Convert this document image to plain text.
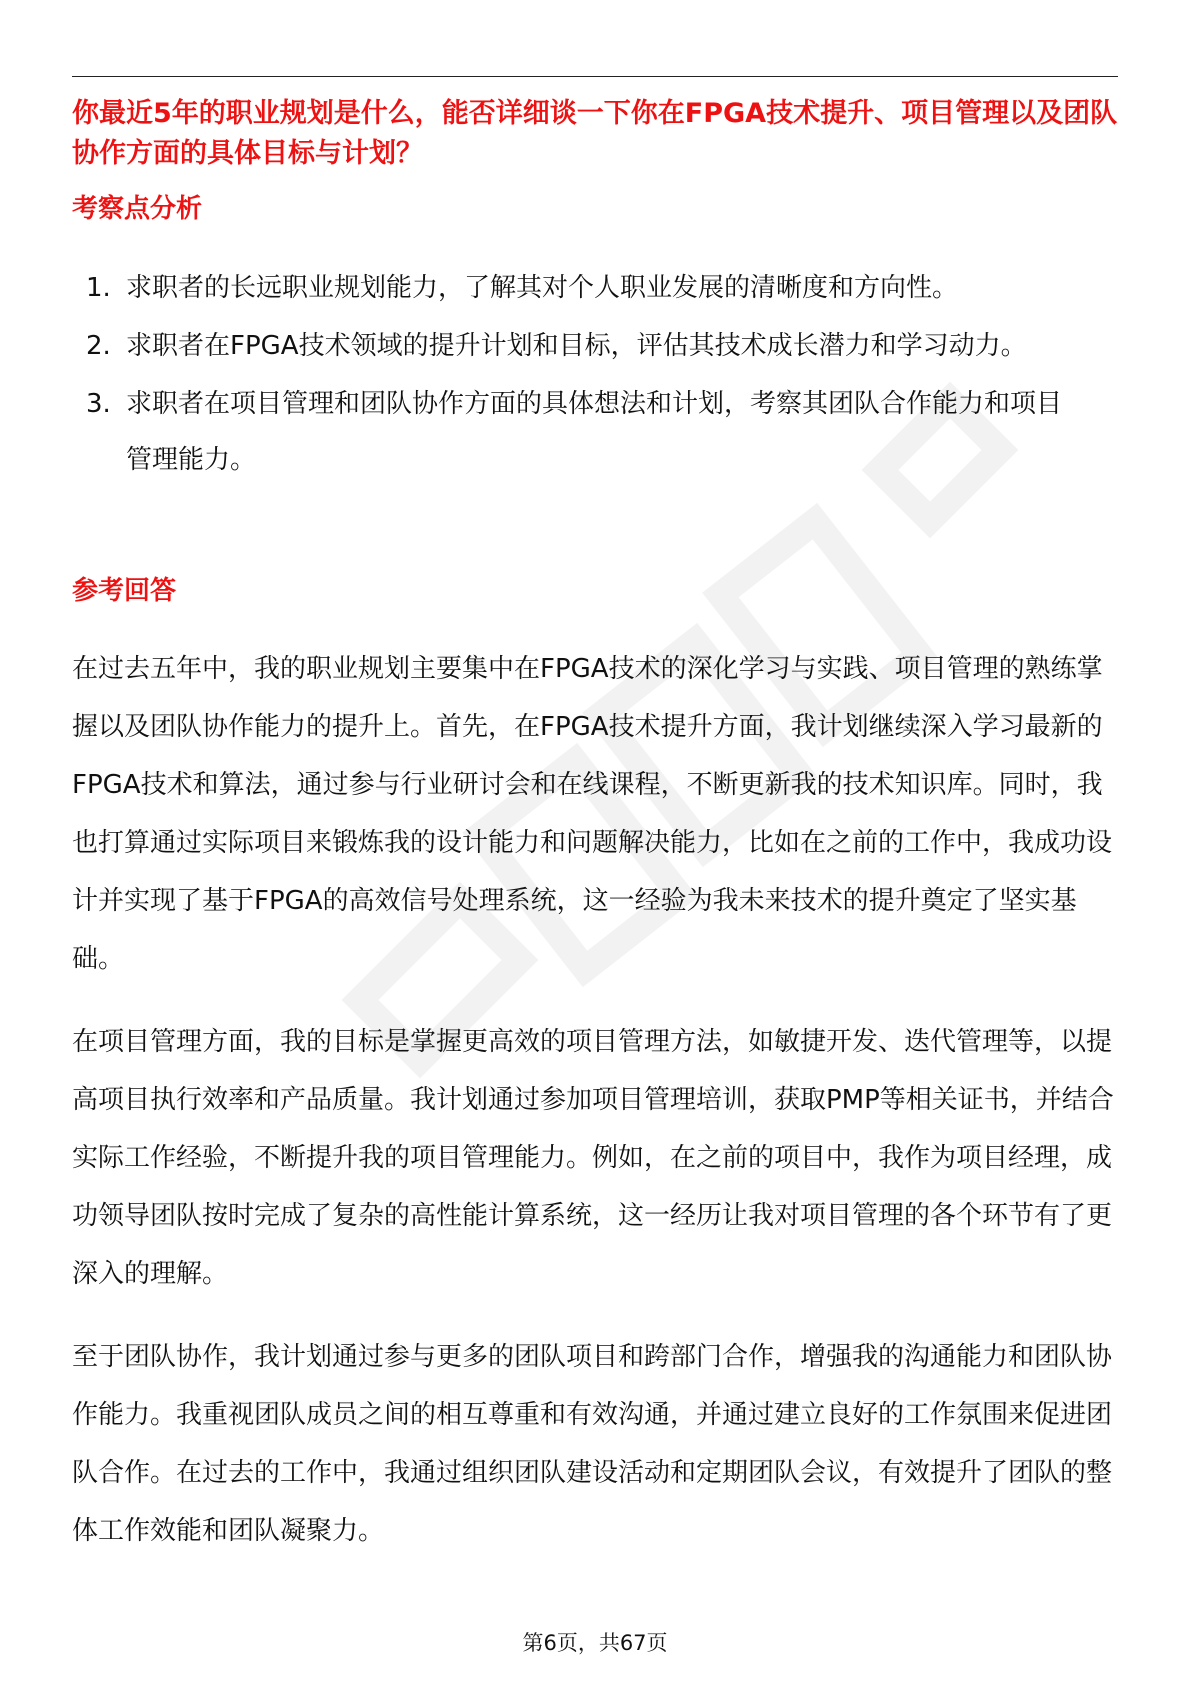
你最近5年的职业规划是什么，能否详细谈一下你在FPGA技术提升、项目管理以及团队协作方面的具体目标与计划？

考察点分析
1. 求职者的长远职业规划能力，了解其对个人职业发展的清晰度和方向性。
2. 求职者在FPGA技术领域的提升计划和目标，评估其技术成长潜力和学习动力。
3. 求职者在项目管理和团队协作方面的具体想法和计划，考察其团队合作能力和项目管理能力。
参考回答

在过去五年中，我的职业规划主要集中在FPGA技术的深化学习与实践、项目管理的熟练掌握以及团队协作能力的提升上。首先，在FPGA技术提升方面，我计划继续深入学习最新的FPGA技术和算法，通过参与行业研讨会和在线课程，不断更新我的技术知识库。同时，我也打算通过实际项目来锻炼我的设计能力和问题解决能力，比如在之前的工作中，我成功设计并实现了基于FPGA的高效信号处理系统，这一经验为我未来技术的提升奠定了坚实基础。

在项目管理方面，我的目标是掌握更高效的项目管理方法，如敏捷开发、迭代管理等，以提高项目执行效率和产品质量。我计划通过参加项目管理培训，获取PMP等相关证书，并结合实际工作经验，不断提升我的项目管理能力。例如，在之前的项目中，我作为项目经理，成功领导团队按时完成了复杂的高性能计算系统，这一经历让我对项目管理的各个环节有了更深入的理解。

至于团队协作，我计划通过参与更多的团队项目和跨部门合作，增强我的沟通能力和团队协作能力。我重视团队成员之间的相互尊重和有效沟通，并通过建立良好的工作氛围来促进团队合作。在过去的工作中，我通过组织团队建设活动和定期团队会议，有效提升了团队的整体工作效能和团队凝聚力。

第6页，共67页
